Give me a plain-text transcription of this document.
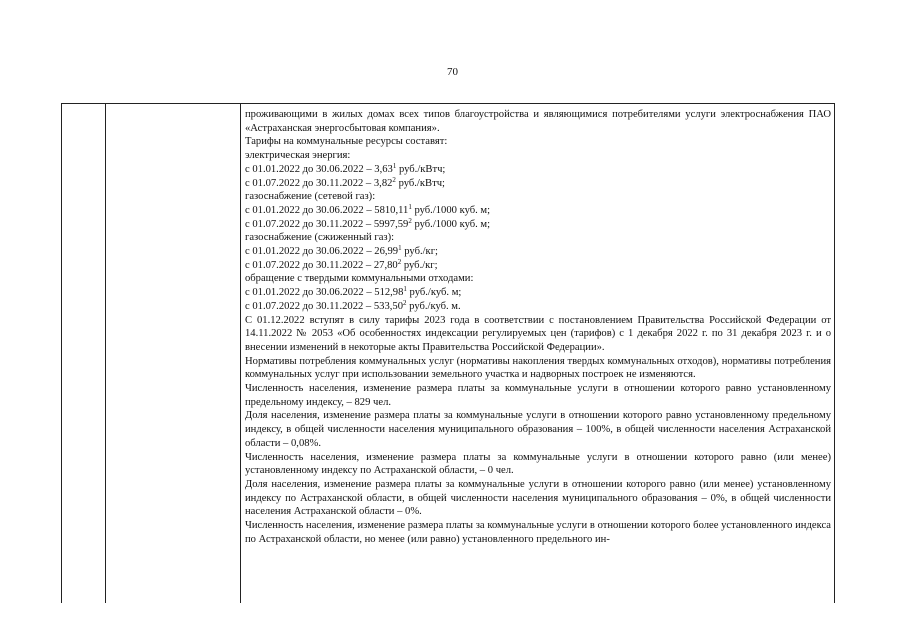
70

проживающими в жилых домах всех типов благоустройства и являющимися потребителями услуги электроснабжения ПАО «Астраханская энергосбытовая компания».

Тарифы на коммунальные ресурсы составят:

электрическая энергия:

с 01.01.2022 до 30.06.2022 – 3,63$^1$ руб./кВтч;

с 01.07.2022 до 30.11.2022 – 3,82$^2$ руб./кВтч;

газоснабжение (сетевой газ):

с 01.01.2022 до 30.06.2022 – 5810,11$^1$ руб./1000 куб. м;

с 01.07.2022 до 30.11.2022 – 5997,59$^2$ руб./1000 куб. м;

газоснабжение (сжиженный газ):

с 01.01.2022 до 30.06.2022 – 26,99$^1$ руб./кг;

с 01.07.2022 до 30.11.2022 – 27,80$^2$ руб./кг;

обращение с твердыми коммунальными отходами:

с 01.01.2022 до 30.06.2022 – 512,98$^1$ руб./куб. м;

с 01.07.2022 до 30.11.2022 – 533,50$^2$ руб./куб. м.

С 01.12.2022 вступят в силу тарифы 2023 года в соответствии с постановлением Правительства Российской Федерации от 14.11.2022 № 2053 «Об особенностях индексации регулируемых цен (тарифов) с 1 декабря 2022 г. по 31 декабря 2023 г. и о внесении изменений в некоторые акты Правительства Российской Федерации».

Нормативы потребления коммунальных услуг (нормативы накопления твердых коммунальных отходов), нормативы потребления коммунальных услуг при использовании земельного участка и надворных построек не изменяются.

Численность населения, изменение размера платы за коммунальные услуги в отношении которого равно установленному предельному индексу, – 829 чел.

Доля населения, изменение размера платы за коммунальные услуги в отношении которого равно установленному предельному индексу, в общей численности населения муниципального образования – 100%, в общей численности населения Астраханской области – 0,08%.

Численность населения, изменение размера платы за коммунальные услуги в отношении которого равно (или менее) установленному индексу по Астраханской области, – 0 чел.

Доля населения, изменение размера платы за коммунальные услуги в отношении которого равно (или менее) установленному индексу по Астраханской области, в общей численности населения муниципального образования – 0%, в общей численности населения Астраханской области – 0%.

Численность населения, изменение размера платы за коммунальные услуги в отношении которого более установленного индекса по Астраханской области, но менее (или равно) установленного предельного ин-
